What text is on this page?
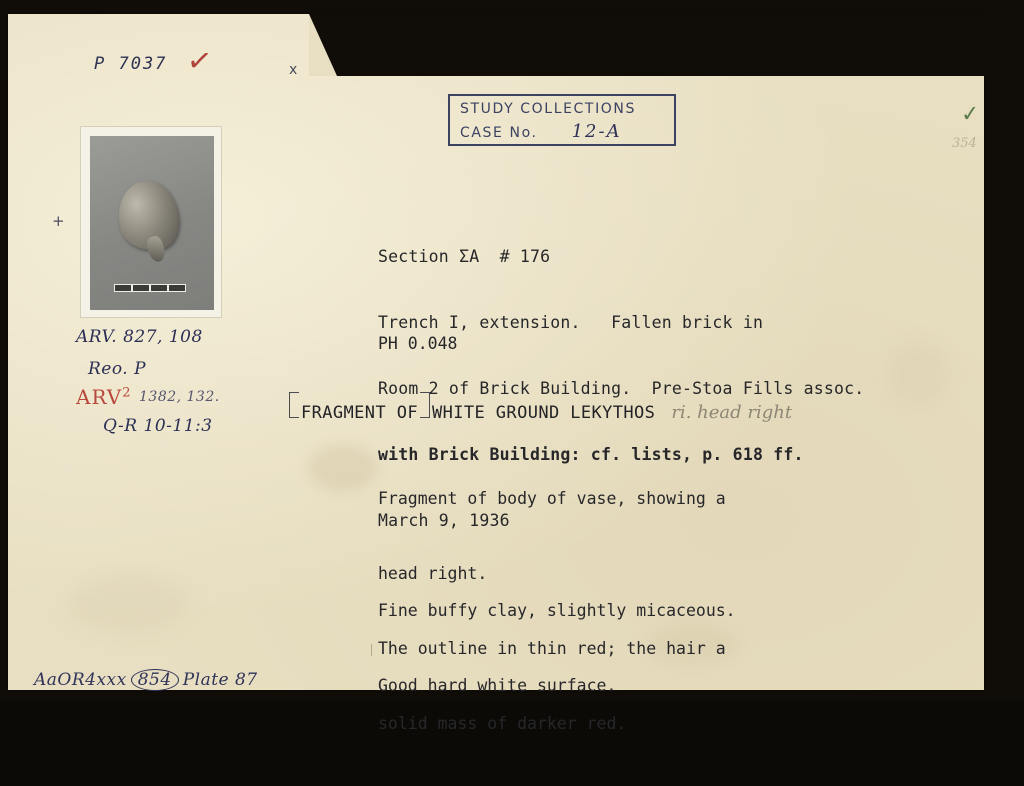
P 7037 ✓	x
+
✓
354
STUDY COLLECTIONS
CASE No. 12-A
ARV. 827, 108
Reo. P
ARV$^2$ 1382, 132.
Q-R 10-11:3

Section ΣA  # 176

Trench I, extension.   Fallen brick in

Room 2 of Brick Building.  Pre-Stoa Fills assoc.

with Brick Building: cf. lists, p. 618 ff.

March 9, 1936

PH 0.048
FRAGMENT OF WHITE GROUND LEKYTHOS ri. head right

Fragment of body of vase, showing a

head right.

The outline in thin red; the hair a

solid mass of darker red.

Fine buffy clay, slightly micaceous.

Good hard white surface.

AaOR4xxx 854 Plate 87
